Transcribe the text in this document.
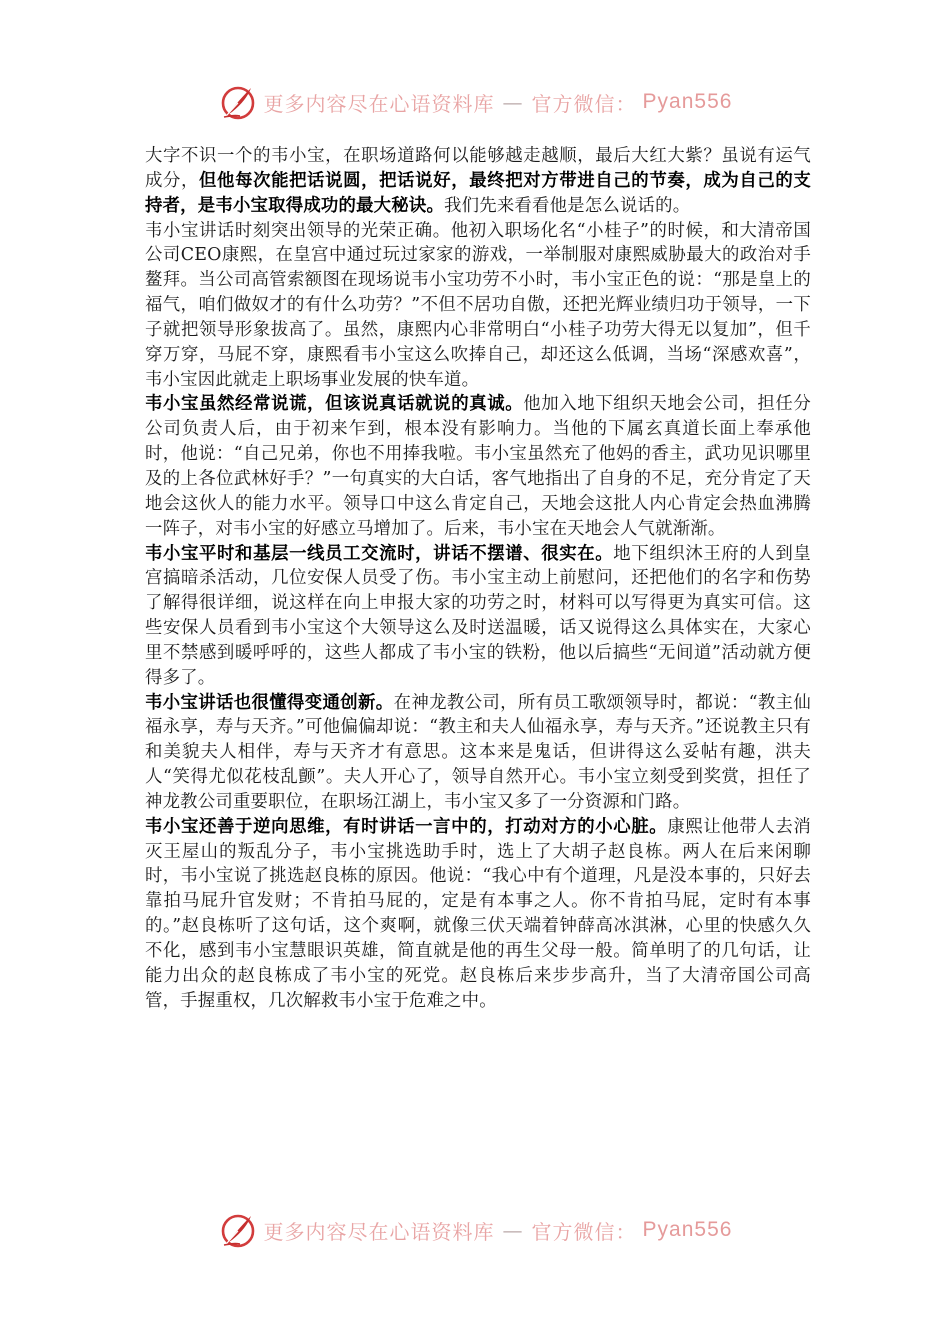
更多内容尽在心语资料库 — 官方微信： Pyan556

大字不识一个的韦小宝，在职场道路何以能够越走越顺，最后大红大紫？虽说有运气成分，但他每次能把话说圆，把话说好，最终把对方带进自己的节奏，成为自己的支持者，是韦小宝取得成功的最大秘诀。我们先来看看他是怎么说话的。

韦小宝讲话时刻突出领导的光荣正确。他初入职场化名“小桂子”的时候，和大清帝国公司CEO康熙，在皇宫中通过玩过家家的游戏，一举制服对康熙威胁最大的政治对手鳌拜。当公司高管索额图在现场说韦小宝功劳不小时，韦小宝正色的说：“那是皇上的福气，咱们做奴才的有什么功劳？”不但不居功自傲，还把光辉业绩归功于领导，一下子就把领导形象拔高了。虽然，康熙内心非常明白“小桂子功劳大得无以复加”，但千穿万穿，马屁不穿，康熙看韦小宝这么吹捧自己，却还这么低调，当场“深感欢喜”，韦小宝因此就走上职场事业发展的快车道。

韦小宝虽然经常说谎，但该说真话就说的真诚。他加入地下组织天地会公司，担任分公司负责人后，由于初来乍到，根本没有影响力。当他的下属玄真道长面上奉承他时，他说：“自己兄弟，你也不用捧我啦。韦小宝虽然充了他妈的香主，武功见识哪里及的上各位武林好手？”一句真实的大白话，客气地指出了自身的不足，充分肯定了天地会这伙人的能力水平。领导口中这么肯定自己，天地会这批人内心肯定会热血沸腾一阵子，对韦小宝的好感立马增加了。后来，韦小宝在天地会人气就渐渐。

韦小宝平时和基层一线员工交流时，讲话不摆谱、很实在。地下组织沐王府的人到皇宫搞暗杀活动，几位安保人员受了伤。韦小宝主动上前慰问，还把他们的名字和伤势了解得很详细，说这样在向上申报大家的功劳之时，材料可以写得更为真实可信。这些安保人员看到韦小宝这个大领导这么及时送温暖，话又说得这么具体实在，大家心里不禁感到暖呼呼的，这些人都成了韦小宝的铁粉，他以后搞些“无间道”活动就方便得多了。

韦小宝讲话也很懂得变通创新。在神龙教公司，所有员工歌颂领导时，都说：“教主仙福永享，寿与天齐。”可他偏偏却说：“教主和夫人仙福永享，寿与天齐。”还说教主只有和美貌夫人相伴，寿与天齐才有意思。这本来是鬼话，但讲得这么妥帖有趣，洪夫人“笑得尤似花枝乱颤”。夫人开心了，领导自然开心。韦小宝立刻受到奖赏，担任了神龙教公司重要职位，在职场江湖上，韦小宝又多了一分资源和门路。

韦小宝还善于逆向思维，有时讲话一言中的，打动对方的小心脏。康熙让他带人去消灭王屋山的叛乱分子，韦小宝挑选助手时，选上了大胡子赵良栋。两人在后来闲聊时，韦小宝说了挑选赵良栋的原因。他说：“我心中有个道理，凡是没本事的，只好去靠拍马屁升官发财；不肯拍马屁的，定是有本事之人。你不肯拍马屁，定时有本事的。”赵良栋听了这句话，这个爽啊，就像三伏天端着钟薛高冰淇淋，心里的快感久久不化，感到韦小宝慧眼识英雄，简直就是他的再生父母一般。简单明了的几句话，让能力出众的赵良栋成了韦小宝的死党。赵良栋后来步步高升，当了大清帝国公司高管，手握重权，几次解救韦小宝于危难之中。

更多内容尽在心语资料库 — 官方微信： Pyan556
